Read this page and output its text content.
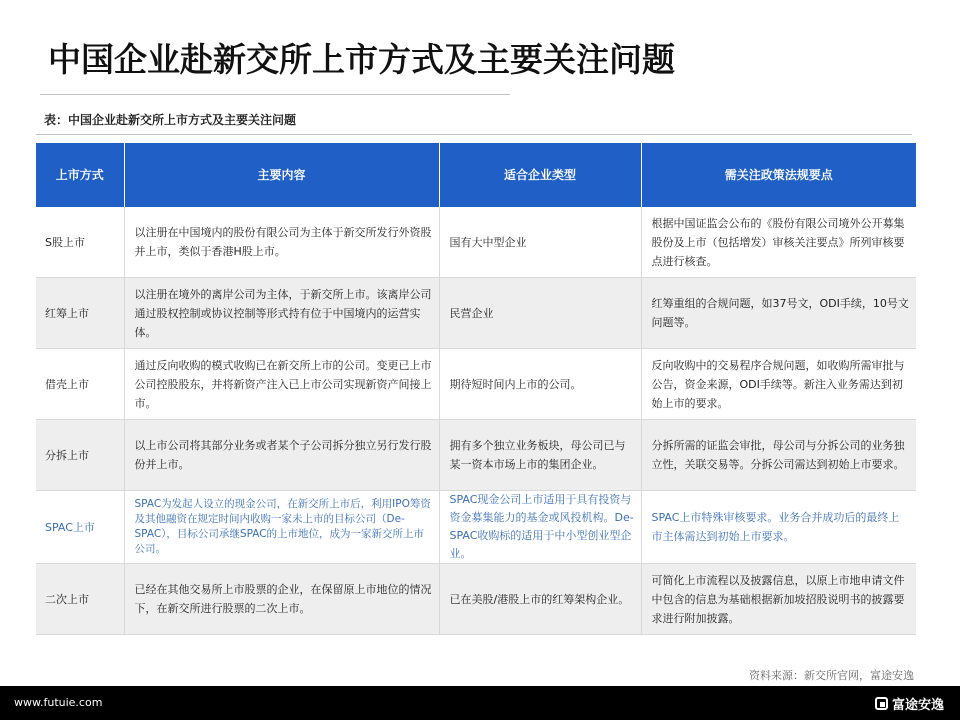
中国企业赴新交所上市方式及主要关注问题
表：中国企业赴新交所上市方式及主要关注问题
上市方式	主要内容	适合企业类型	需关注政策法规要点
S股上市	以注册在中国境内的股份有限公司为主体于新交所发行外资股并上市，类似于香港H股上市。	国有大中型企业	根据中国证监会公布的《股份有限公司境外公开募集股份及上市（包括增发）审核关注要点》所列审核要点进行核查。
红筹上市	以注册在境外的离岸公司为主体，于新交所上市。该离岸公司通过股权控制或协议控制等形式持有位于中国境内的运营实体。	民营企业	红筹重组的合规问题，如37号文，ODI手续，10号文问题等。
借壳上市	通过反向收购的模式收购已在新交所上市的公司。变更已上市公司控股股东，并将新资产注入已上市公司实现新资产间接上市。	期待短时间内上市的公司。	反向收购中的交易程序合规问题，如收购所需审批与公告，资金来源，ODI手续等。新注入业务需达到初始上市的要求。
分拆上市	以上市公司将其部分业务或者某个子公司拆分独立另行发行股份并上市。	拥有多个独立业务板块，母公司已与某一资本市场上市的集团企业。	分拆所需的证监会审批，母公司与分拆公司的业务独立性，关联交易等。分拆公司需达到初始上市要求。
SPAC上市	SPAC为发起人设立的现金公司，在新交所上市后，利用IPO筹资及其他融资在规定时间内收购一家未上市的目标公司（De-SPAC），目标公司承继SPAC的上市地位，成为一家新交所上市公司。	SPAC现金公司上市适用于具有投资与资金募集能力的基金或风投机构。De-SPAC收购标的适用于中小型创业型企业。	SPAC上市特殊审核要求。业务合并成功后的最终上市主体需达到初始上市要求。
二次上市	已经在其他交易所上市股票的企业，在保留原上市地位的情况下，在新交所进行股票的二次上市。	已在美股/港股上市的红筹架构企业。	可简化上市流程以及披露信息，以原上市地申请文件中包含的信息为基础根据新加坡招股说明书的披露要求进行附加披露。
资料来源：新交所官网，富途安逸
www.futuie.com	富途安逸
